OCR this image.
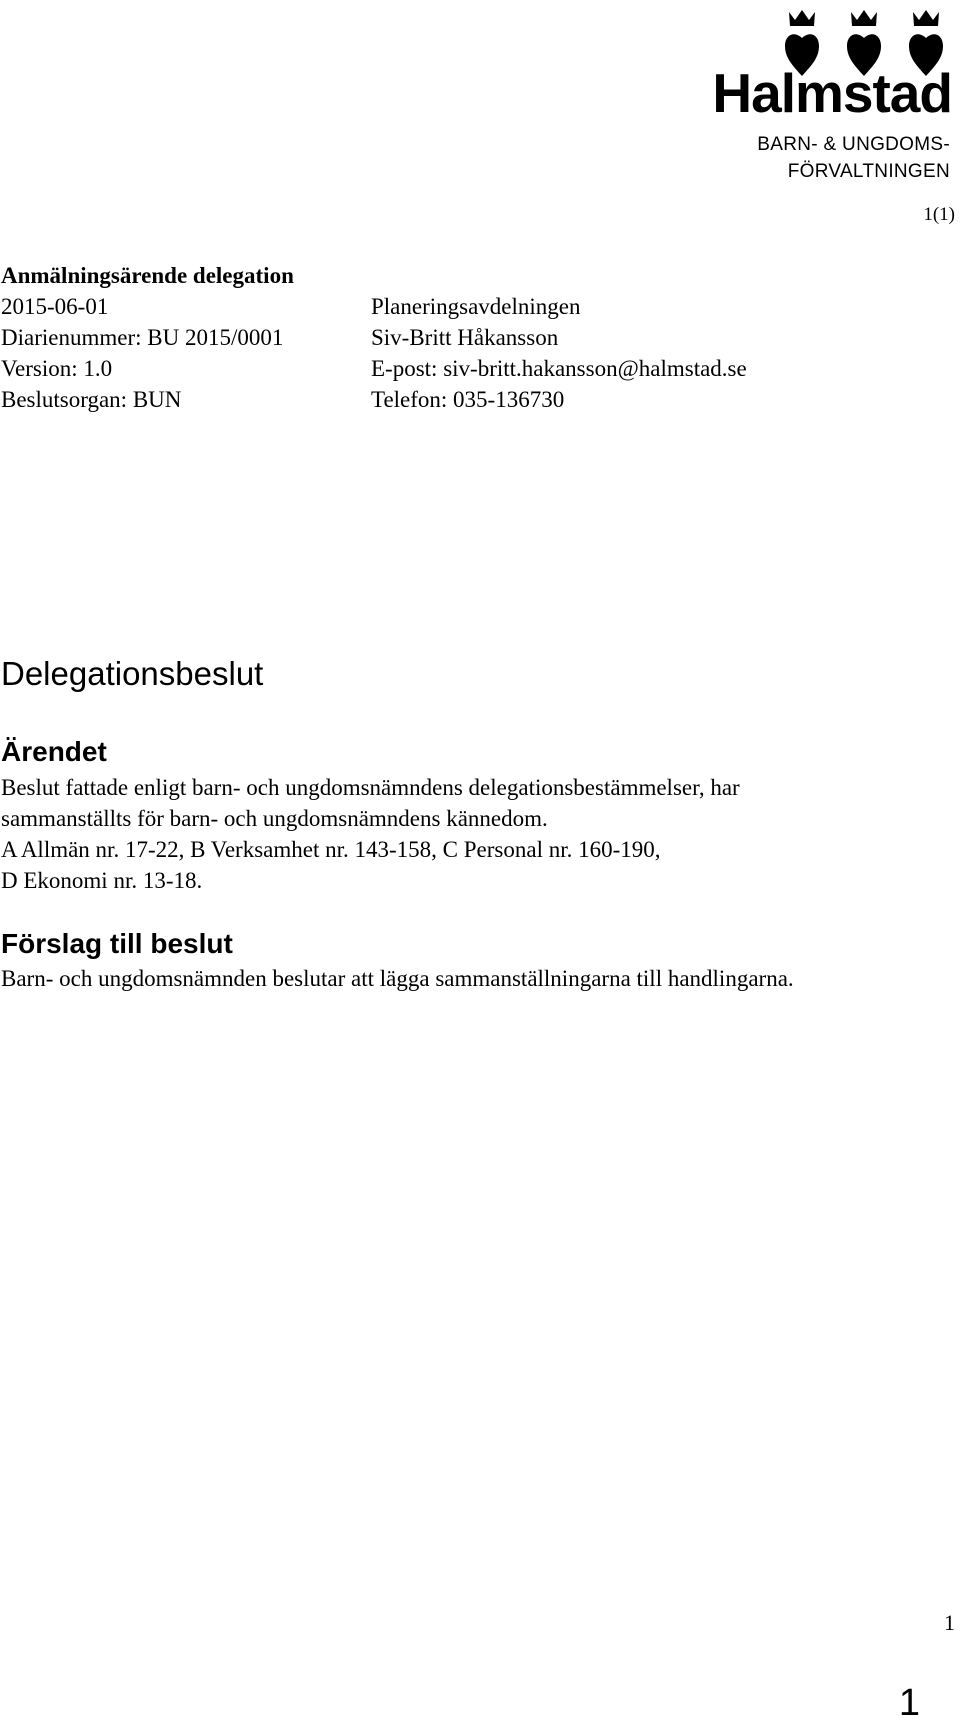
Halmstad
BARN- & UNGDOMS-
FÖRVALTNINGEN
1(1)
Anmälningsärende delegation
2015-06-01	Planeringsavdelningen
Diarienummer: BU 2015/0001	Siv-Britt Håkansson
Version: 1.0	E-post: siv-britt.hakansson@halmstad.se
Beslutsorgan: BUN	Telefon: 035-136730
Delegationsbeslut
Ärendet
Beslut fattade enligt barn- och ungdomsnämndens delegationsbestämmelser, har
sammanställts för barn- och ungdomsnämndens kännedom.
A Allmän nr. 17-22, B Verksamhet nr. 143-158, C Personal nr. 160-190,
D Ekonomi nr. 13-18.
Förslag till beslut
Barn- och ungdomsnämnden beslutar att lägga sammanställningarna till handlingarna.
1
1
